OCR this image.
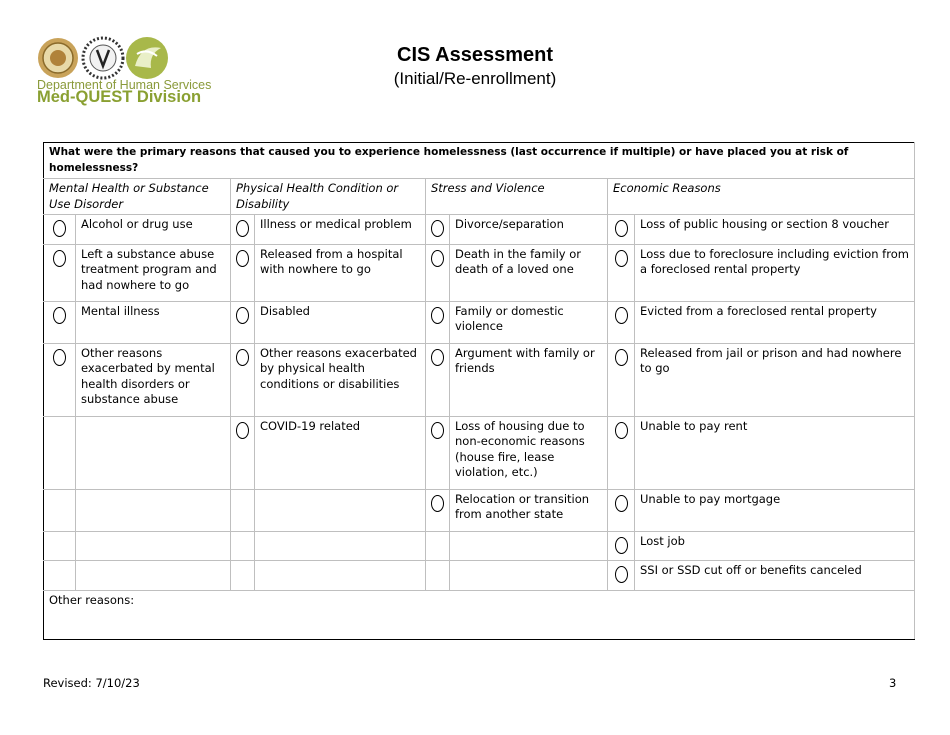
Department of Human Services
Med-QUEST Division
CIS Assessment
(Initial/Re-enrollment)
What were the primary reasons that caused you to experience homelessness (last occurrence if multiple) or have placed you at risk of homelessness?							
Mental Health or Substance Use Disorder		Physical Health Condition or Disability		Stress and Violence		Economic Reasons	
	Alcohol or drug use		Illness or medical problem		Divorce/separation		Loss of public housing or section 8 voucher
	Left a substance abuse treatment program and had nowhere to go		Released from a hospital with nowhere to go		Death in the family or death of a loved one		Loss due to foreclosure including eviction from a foreclosed rental property
	Mental illness		Disabled		Family or domestic violence		Evicted from a foreclosed rental property
	Other reasons exacerbated by mental health disorders or substance abuse		Other reasons exacerbated by physical health conditions or disabilities		Argument with family or friends		Released from jail or prison and had nowhere to go
			COVID-19 related		Loss of housing due to non-economic reasons (house fire, lease violation, etc.)		Unable to pay rent
					Relocation or transition from another state		Unable to pay mortgage
							Lost job
							SSI or SSD cut off or benefits canceled
Other reasons:							
Revised: 7/10/23	3
